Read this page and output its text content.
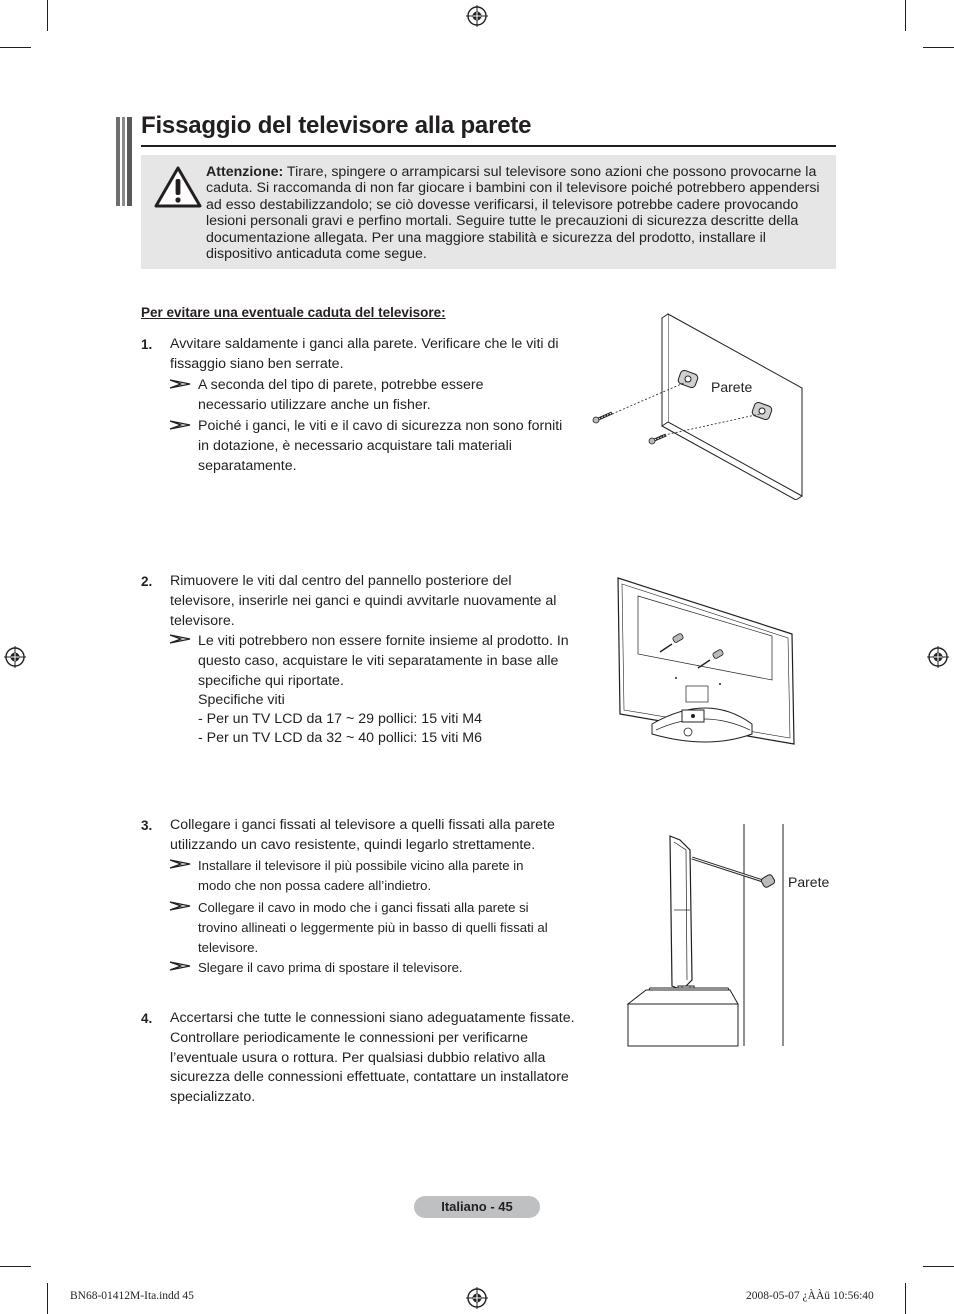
Fissaggio del televisore alla parete
Attenzione: Tirare, spingere o arrampicarsi sul televisore sono azioni che possono provocarne la caduta. Si raccomanda di non far giocare i bambini con il televisore poiché potrebbero appendersi ad esso destabilizzandolo; se ciò dovesse verificarsi, il televisore potrebbe cadere provocando lesioni personali gravi e perfino mortali. Seguire tutte le precauzioni di sicurezza descritte della documentazione allegata. Per una maggiore stabilità e sicurezza del prodotto, installare il dispositivo anticaduta come segue.
Per evitare una eventuale caduta del televisore:
1. Avvitare saldamente i ganci alla parete. Verificare che le viti di fissaggio siano ben serrate.
A seconda del tipo di parete, potrebbe essere necessario utilizzare anche un fisher.
Poiché i ganci, le viti e il cavo di sicurezza non sono forniti in dotazione, è necessario acquistare tali materiali separatamente.
Parete
2. Rimuovere le viti dal centro del pannello posteriore del televisore, inserirle nei ganci e quindi avvitarle nuovamente al televisore.
Le viti potrebbero non essere fornite insieme al prodotto. In questo caso, acquistare le viti separatamente in base alle specifiche qui riportate.
Specifiche viti
- Per un TV LCD da 17 ~ 29 pollici: 15 viti M4
- Per un TV LCD da 32 ~ 40 pollici: 15 viti M6
3. Collegare i ganci fissati al televisore a quelli fissati alla parete utilizzando un cavo resistente, quindi legarlo strettamente.
Installare il televisore il più possibile vicino alla parete in modo che non possa cadere all’indietro.
Collegare il cavo in modo che i ganci fissati alla parete si trovino allineati o leggermente più in basso di quelli fissati al televisore.
Slegare il cavo prima di spostare il televisore.
Parete
4. Accertarsi che tutte le connessioni siano adeguatamente fissate. Controllare periodicamente le connessioni per verificarne l’eventuale usura o rottura. Per qualsiasi dubbio relativo alla sicurezza delle connessioni effettuate, contattare un installatore specializzato.
Italiano - 45
BN68-01412M-Ita.indd 45	2008-05-07 ¿ÀÀü 10:56:40
